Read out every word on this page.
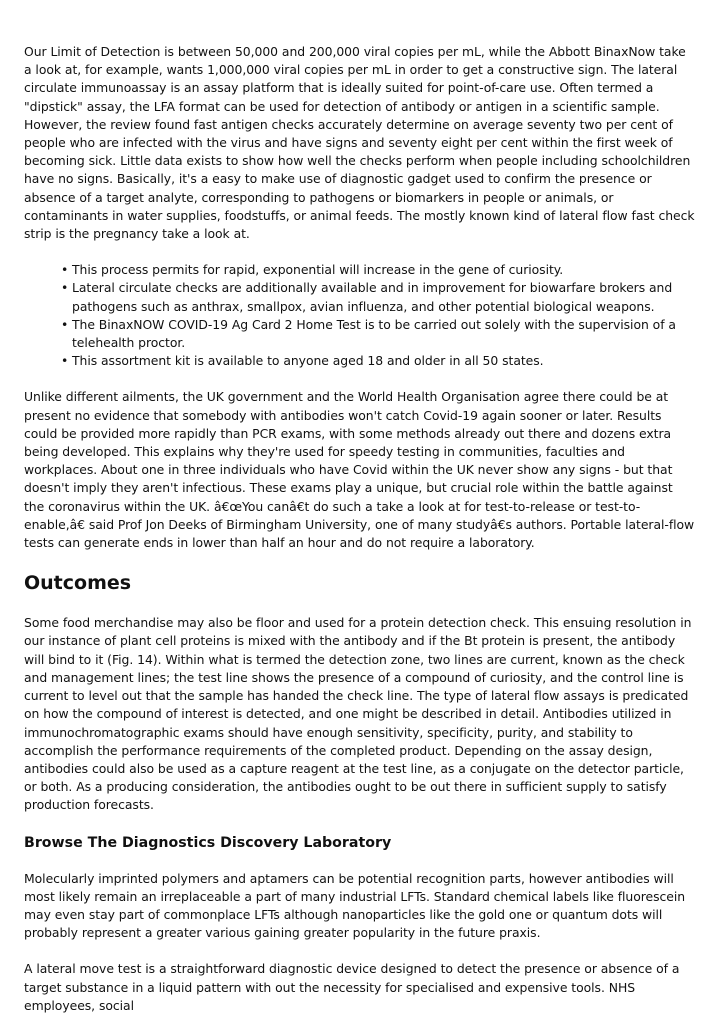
Our Limit of Detection is between 50,000 and 200,000 viral copies per mL, while the Abbott BinaxNow take a look at, for example, wants 1,000,000 viral copies per mL in order to get a constructive sign. The lateral circulate immunoassay is an assay platform that is ideally suited for point-of-care use. Often termed a "dipstick" assay, the LFA format can be used for detection of antibody or antigen in a scientific sample. However, the review found fast antigen checks accurately determine on average seventy two per cent of people who are infected with the virus and have signs and seventy eight per cent within the first week of becoming sick. Little data exists to show how well the checks perform when people including schoolchildren have no signs. Basically, it's a easy to make use of diagnostic gadget used to confirm the presence or absence of a target analyte, corresponding to pathogens or biomarkers in people or animals, or contaminants in water supplies, foodstuffs, or animal feeds. The mostly known kind of lateral flow fast check strip is the pregnancy take a look at.

• This process permits for rapid, exponential will increase in the gene of curiosity.
• Lateral circulate checks are additionally available and in improvement for biowarfare brokers and pathogens such as anthrax, smallpox, avian influenza, and other potential biological weapons.
• The BinaxNOW COVID-19 Ag Card 2 Home Test is to be carried out solely with the supervision of a telehealth proctor.
• This assortment kit is available to anyone aged 18 and older in all 50 states.

Unlike different ailments, the UK government and the World Health Organisation agree there could be at present no evidence that somebody with antibodies won't catch Covid-19 again sooner or later. Results could be provided more rapidly than PCR exams, with some methods already out there and dozens extra being developed. This explains why they're used for speedy testing in communities, faculties and workplaces. About one in three individuals who have Covid within the UK never show any signs - but that doesn't imply they aren't infectious. These exams play a unique, but crucial role within the battle against the coronavirus within the UK. â€œYou canâ€t do such a take a look at for test-to-release or test-to-enable,â€ said Prof Jon Deeks of Birmingham University, one of many studyâ€s authors. Portable lateral-flow tests can generate ends in lower than half an hour and do not require a laboratory.

Outcomes

Some food merchandise may also be floor and used for a protein detection check. This ensuing resolution in our instance of plant cell proteins is mixed with the antibody and if the Bt protein is present, the antibody will bind to it (Fig. 14). Within what is termed the detection zone, two lines are current, known as the check and management lines; the test line shows the presence of a compound of curiosity, and the control line is current to level out that the sample has handed the check line. The type of lateral flow assays is predicated on how the compound of interest is detected, and one might be described in detail. Antibodies utilized in immunochromatographic exams should have enough sensitivity, specificity, purity, and stability to accomplish the performance requirements of the completed product. Depending on the assay design, antibodies could also be used as a capture reagent at the test line, as a conjugate on the detector particle, or both. As a producing consideration, the antibodies ought to be out there in sufficient supply to satisfy production forecasts.

Browse The Diagnostics Discovery Laboratory

Molecularly imprinted polymers and aptamers can be potential recognition parts, however antibodies will most likely remain an irreplaceable a part of many industrial LFTs. Standard chemical labels like fluorescein may even stay part of commonplace LFTs although nanoparticles like the gold one or quantum dots will probably represent a greater various gaining greater popularity in the future praxis.

A lateral move test is a straightforward diagnostic device designed to detect the presence or absence of a target substance in a liquid pattern with out the necessity for specialised and expensive tools. NHS employees, social
